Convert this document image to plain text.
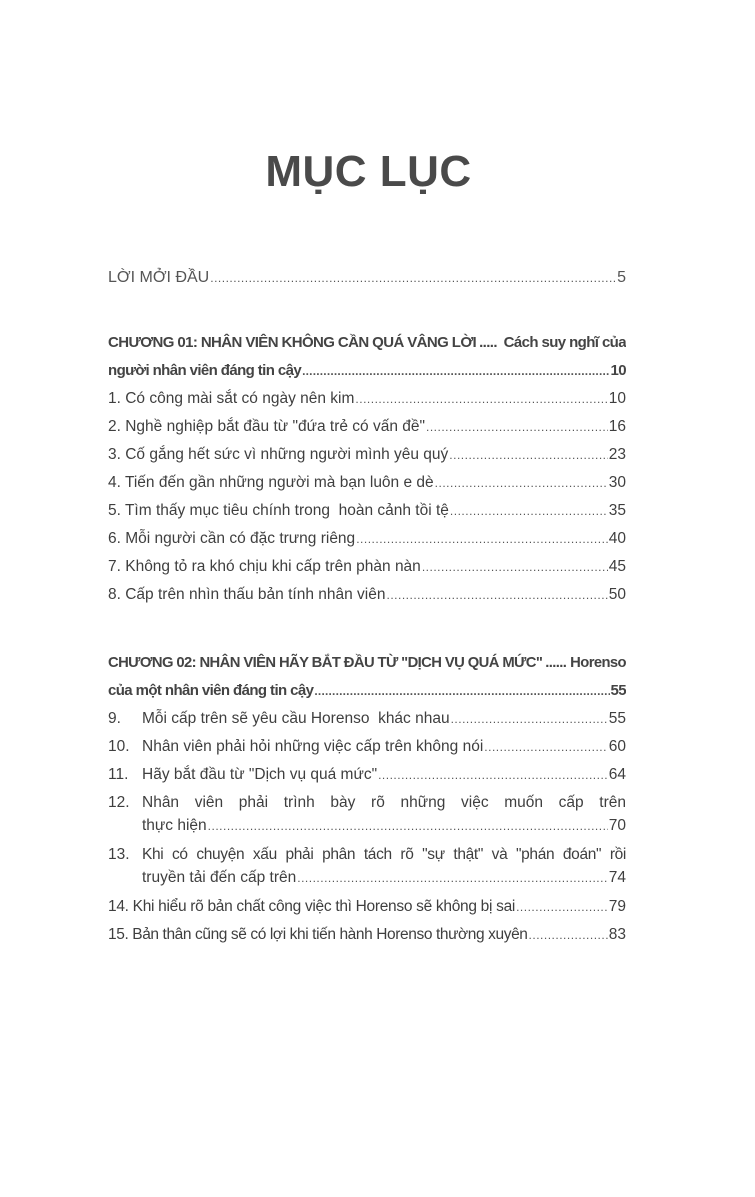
MỤC LỤC
LỜI MỞI ĐẦU .....	5
CHƯƠNG 01: NHÂN VIÊN KHÔNG CẦN QUÁ VÂNG LỜI ..... Cách suy nghĩ của
người nhân viên đáng tin cậy .....	10
1. Có công mài sắt có ngày nên kim .....	10
2. Nghề nghiệp bắt đầu từ "đứa trẻ có vấn đề" .....	16
3. Cố gắng hết sức vì những người mình yêu quý .....	23
4. Tiến đến gần những người mà bạn luôn e dè .....	30
5. Tìm thấy mục tiêu chính trong  hoàn cảnh tồi tệ .....	35
6. Mỗi người cần có đặc trưng riêng .....	40
7. Không tỏ ra khó chịu khi cấp trên phàn nàn .....	45
8. Cấp trên nhìn thấu bản tính nhân viên .....	50
CHƯƠNG 02: NHÂN VIÊN HÃY BẮT ĐẦU TỪ "DỊCH VỤ QUÁ MỨC" ...... Horenso
của một nhân viên đáng tin cậy .....	55
9.	Mỗi cấp trên sẽ yêu cầu Horenso  khác nhau .....	55
10. Nhân viên phải hỏi những việc cấp trên không nói .....	60
11. Hãy bắt đầu từ "Dịch vụ quá mức" .....	64
12. Nhân viên phải trình bày rõ những việc muốn cấp trên
thực hiện .....	70
13. Khi có chuyện xấu phải phân tách rõ "sự thật" và "phán đoán" rồi
truyền tải đến cấp trên .....	74
14. Khi hiểu rõ bản chất công việc thì Horenso sẽ không bị sai .....	79
15. Bản thân cũng sẽ có lợi khi tiến hành Horenso thường xuyên .....	83
